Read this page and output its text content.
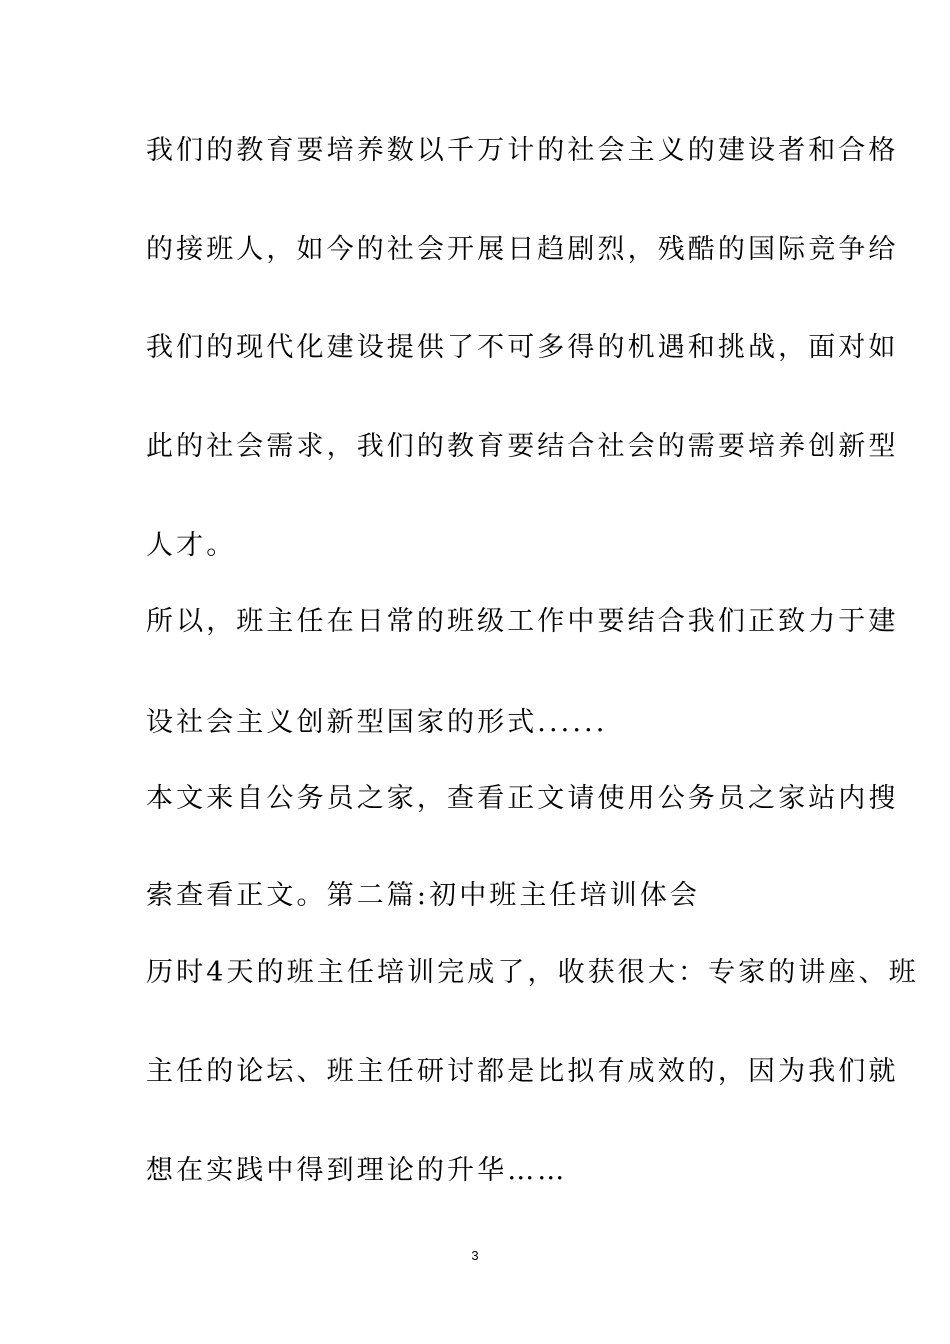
我们的教育要培养数以千万计的社会主义的建设者和合格
的接班人，如今的社会开展日趋剧烈，残酷的国际竞争给
我们的现代化建设提供了不可多得的机遇和挑战，面对如
此的社会需求，我们的教育要结合社会的需要培养创新型
人才。
所以，班主任在日常的班级工作中要结合我们正致力于建
设社会主义创新型国家的形式......
本文来自公务员之家，查看正文请使用公务员之家站内搜
索查看正文。第二篇:初中班主任培训体会
历时4天的班主任培训完成了，收获很大：专家的讲座、班
主任的论坛、班主任研讨都是比拟有成效的，因为我们就
想在实践中得到理论的升华……
3
